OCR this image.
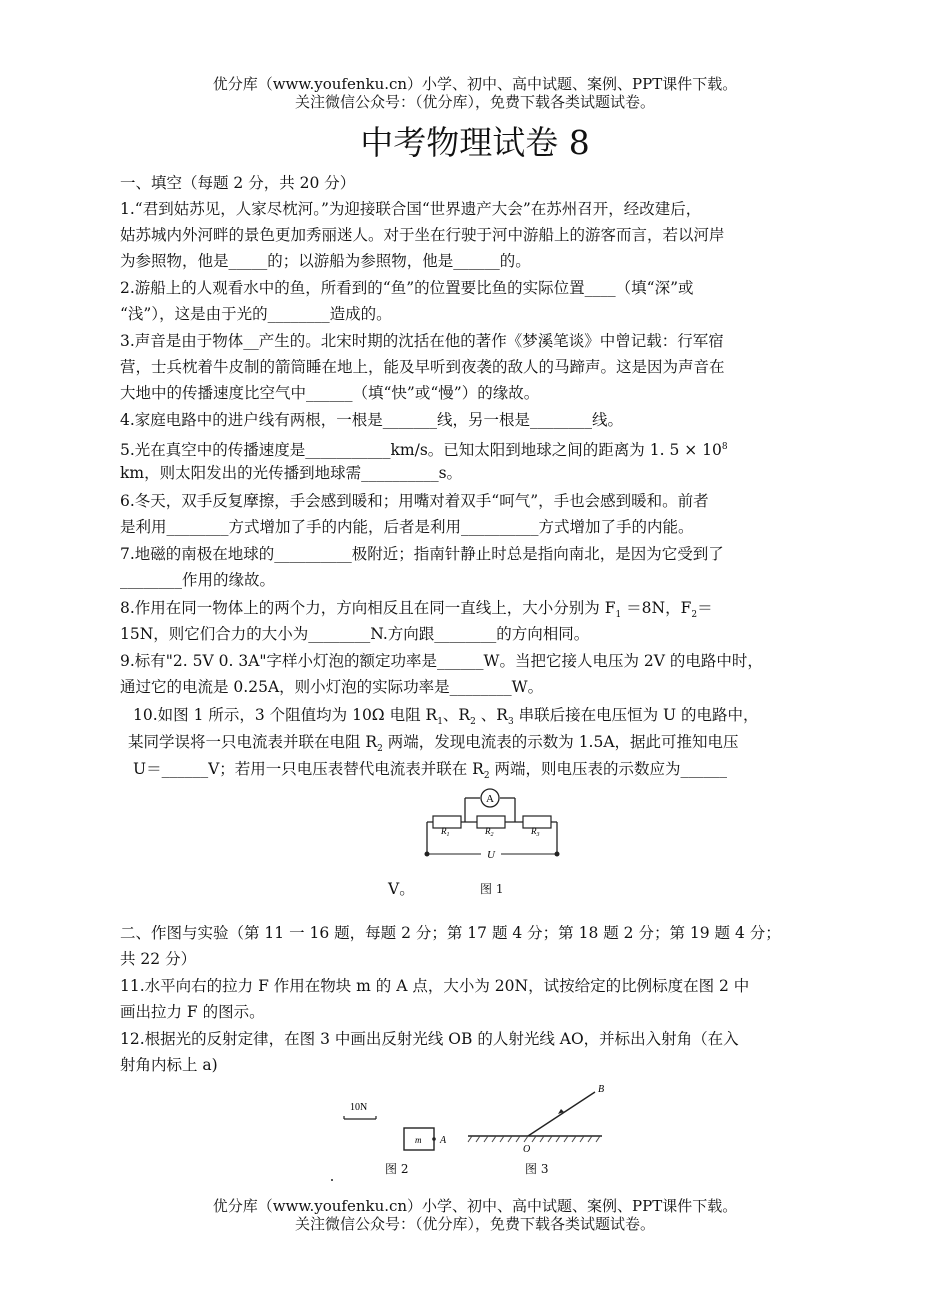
优分库（www.youfenku.cn）小学、初中、高中试题、案例、PPT课件下载。
关注微信公众号：（优分库），免费下载各类试题试卷。
中考物理试卷 8
一、填空（每题 2 分，共 20 分）
1.“君到姑苏见，人家尽枕河。”为迎接联合国“世界遗产大会”在苏州召开，经改建后，
姑苏城内外河畔的景色更加秀丽迷人。对于坐在行驶于河中游船上的游客而言，若以河岸
为参照物，他是_____的；以游船为参照物，他是______的。
2.游船上的人观看水中的鱼，所看到的“鱼”的位置要比鱼的实际位置____（填“深”或
“浅”），这是由于光的________造成的。
3.声音是由于物体__产生的。北宋时期的沈括在他的著作《梦溪笔谈》中曾记载：行军宿
营，士兵枕着牛皮制的箭筒睡在地上，能及早听到夜袭的敌人的马蹄声。这是因为声音在
大地中的传播速度比空气中______（填“快”或“慢”）的缘故。
4.家庭电路中的进户线有两根，一根是_______线，另一根是________线。
5.光在真空中的传播速度是___________km/s。已知太阳到地球之间的距离为 1. $5 \times 10^8$
km，则太阳发出的光传播到地球需__________s。
6.冬天，双手反复摩擦，手会感到暖和；用嘴对着双手“呵气”，手也会感到暖和。前者
是利用________方式增加了手的内能，后者是利用__________方式增加了手的内能。
7.地磁的南极在地球的__________极附近；指南针静止时总是指向南北，是因为它受到了
________作用的缘故。
8.作用在同一物体上的两个力，方向相反且在同一直线上，大小分别为 $F_1 =8N$，$F_2=$
15N，则它们合力的大小为________N.方向跟________的方向相同。
9.标有"2. 5V 0. 3A"字样小灯泡的额定功率是______W。当把它接人电压为 2V 的电路中时，
通过它的电流是 0.25A，则小灯泡的实际功率是________W。
10.如图 1 所示，3 个阻值均为 10Ω 电阻 $R_1$、$R_2$ 、$R_3$ 串联后接在电压恒为 U 的电路中，
某同学误将一只电流表并联在电阻 $R_2$ 两端，发现电流表的示数为 1.5A，据此可推知电压
U＝______V；若用一只电压表替代电流表并联在 $R_2$ 两端，则电压表的示数应为______
A
$R_1$	$R_2$	$R_3$
U
V。	图 1
二、作图与实验（第 11 一 16 题，每题 2 分；第 17 题 4 分；第 18 题 2 分；第 19 题 4 分；
共 22 分）
11.水平向右的拉力 F 作用在物块 m 的 A 点，大小为 20N，试按给定的比例标度在图 2 中
画出拉力 F 的图示。
12.根据光的反射定律，在图 3 中画出反射光线 OB 的人射光线 AO，并标出入射角（在入
射角内标上 a)
10N
m A
图 2
B
O
图 3
优分库（www.youfenku.cn）小学、初中、高中试题、案例、PPT课件下载。
关注微信公众号：（优分库），免费下载各类试题试卷。
